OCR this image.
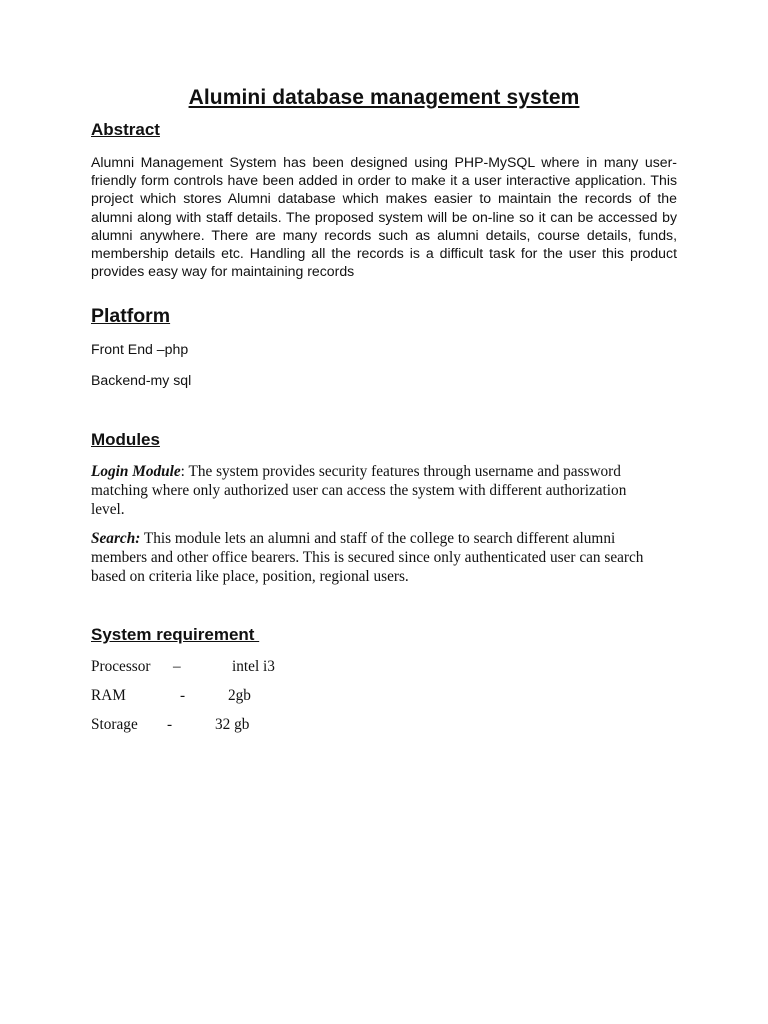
Alumini database management system
Abstract
Alumni Management System has been designed using PHP-MySQL where in many user-friendly form controls have been added in order to make it a user interactive application. This project which stores Alumni database which makes easier to maintain the records of the alumni along with staff details. The proposed system will be on-line so it can be accessed by alumni anywhere. There are many records such as alumni details, course details, funds, membership details etc. Handling all the records is a difficult task for the user this product provides easy way for maintaining records
Platform
Front End –php
Backend-my sql
Modules
Login Module: The system provides security features through username and password matching where only authorized user can access the system with different authorization level.
Search: This module lets an alumni and staff of the college to search different alumni members and other office bearers. This is secured since only authenticated user can search based on criteria like place, position, regional users.
System requirement
Processor –	intel i3
RAM	-	2gb
Storage -	32 gb
